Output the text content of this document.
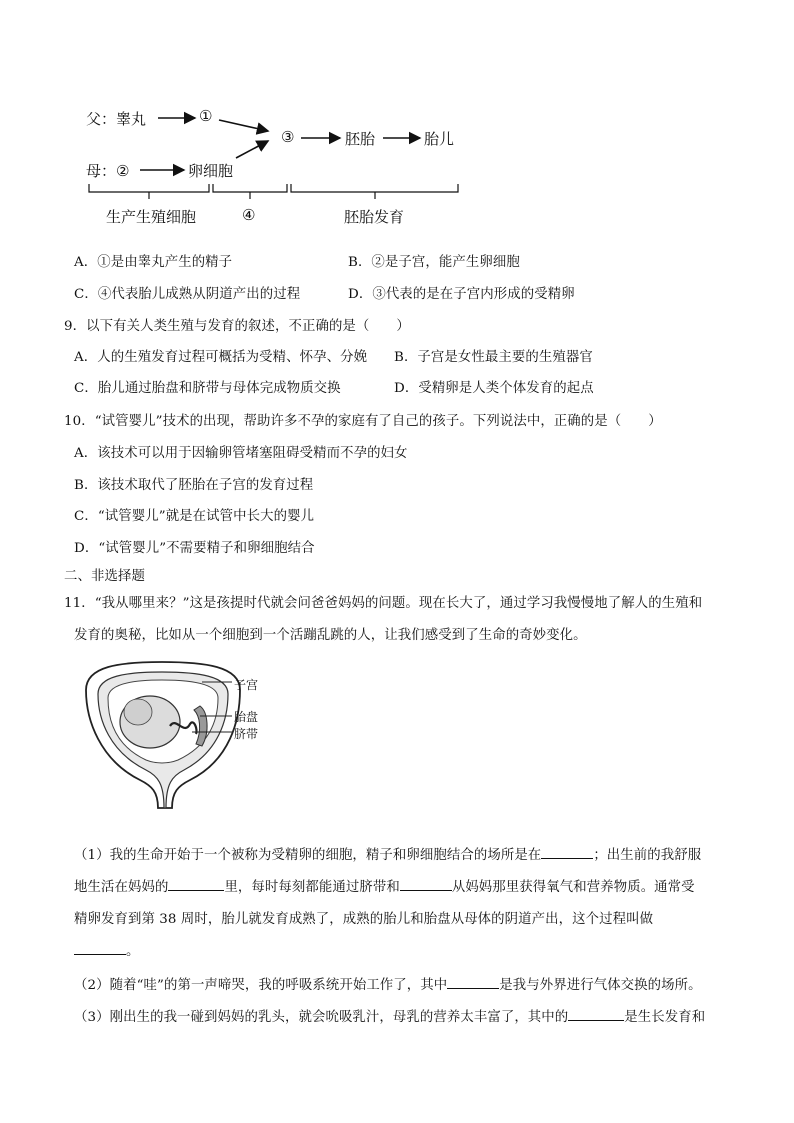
父：睾丸	①
母：②	卵细胞
③	胚胎	胎儿
生产生殖细胞	④	胚胎发育
A．①是由睾丸产生的精子	B．②是子宫，能产生卵细胞
C．④代表胎儿成熟从阴道产出的过程	D．③代表的是在子宫内形成的受精卵
9．以下有关人类生殖与发育的叙述，不正确的是（　　）
A．人的生殖发育过程可概括为受精、怀孕、分娩 B．子宫是女性最主要的生殖器官
C．胎儿通过胎盘和脐带与母体完成物质交换	D．受精卵是人类个体发育的起点
10．“试管婴儿”技术的出现，帮助许多不孕的家庭有了自己的孩子。下列说法中，正确的是（　　）
A．该技术可以用于因输卵管堵塞阻碍受精而不孕的妇女
B．该技术取代了胚胎在子宫的发育过程
C．“试管婴儿”就是在试管中长大的婴儿
D．“试管婴儿”不需要精子和卵细胞结合
二、非选择题
11．“我从哪里来？”这是孩提时代就会问爸爸妈妈的问题。现在长大了，通过学习我慢慢地了解人的生殖和
发育的奥秘，比如从一个细胞到一个活蹦乱跳的人，让我们感受到了生命的奇妙变化。
子宫
胎盘
脐带
（1）我的生命开始于一个被称为受精卵的细胞，精子和卵细胞结合的场所是在	；出生前的我舒服
地生活在妈妈的	里，每时每刻都能通过脐带和	从妈妈那里获得氧气和营养物质。通常受
精卵发育到第 38 周时，胎儿就发育成熟了，成熟的胎儿和胎盘从母体的阴道产出，这个过程叫做
。
（2）随着“哇”的第一声啼哭，我的呼吸系统开始工作了，其中	是我与外界进行气体交换的场所。
（3）刚出生的我一碰到妈妈的乳头，就会吮吸乳汁，母乳的营养太丰富了，其中的	是生长发育和
